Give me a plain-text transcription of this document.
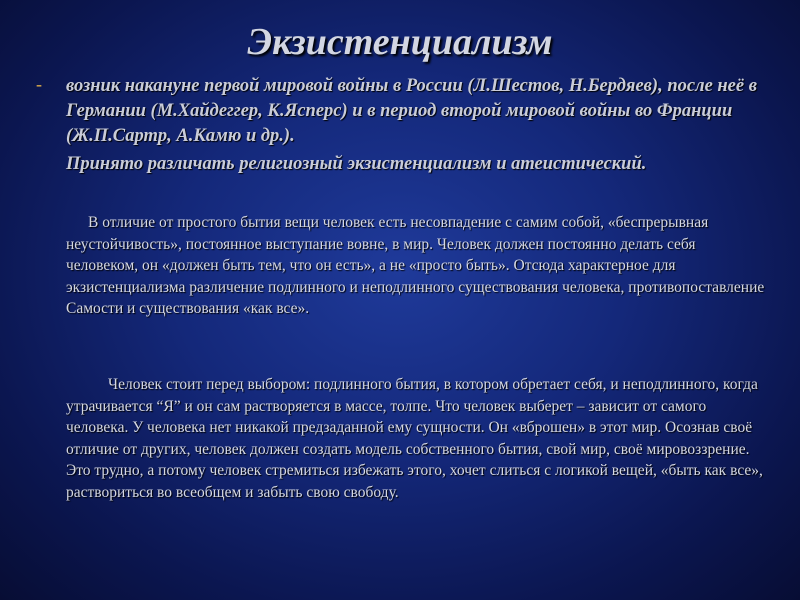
Экзистенциализм
- возник накануне первой мировой войны в России (Л.Шестов, Н.Бердяев), после неё в Германии (М.Хайдеггер, К.Ясперс) и в период второй мировой войны во Франции (Ж.П.Сартр, А.Камю и др.).
Принято различать религиозный экзистенциализм и атеистический.
В отличие от простого бытия вещи человек есть несовпадение с самим собой, «беспрерывная неустойчивость», постоянное выступание вовне, в мир. Человек должен постоянно делать себя человеком, он «должен быть тем, что он есть», а не «просто быть». Отсюда характерное для экзистенциализма различение подлинного и неподлинного существования человека, противопоставление Самости и существования «как все».
Человек стоит перед выбором: подлинного бытия, в котором обретает себя, и неподлинного, когда утрачивается “Я” и он сам растворяется в массе, толпе. Что человек выберет – зависит от самого человека. У человека нет никакой предзаданной ему сущности. Он «вброшен» в этот мир. Осознав своё отличие от других, человек должен создать модель собственного бытия, свой мир, своё мировоззрение. Это трудно, а потому человек стремиться избежать этого, хочет слиться с логикой вещей, «быть как все», раствориться во всеобщем и забыть свою свободу.
